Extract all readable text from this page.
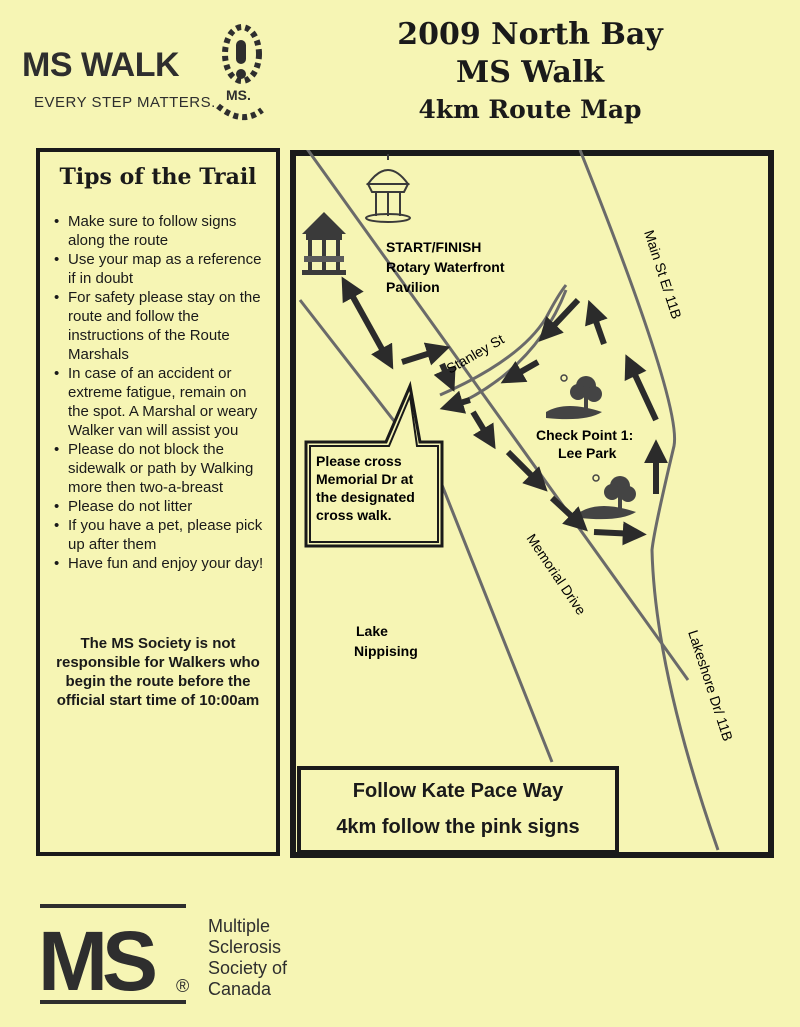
MS WALK
EVERY STEP MATTERS. MS.
2009 North Bay
MS Walk
4km Route Map
Tips of the Trail
• Make sure to follow signs along the route
• Use your map as a reference if in doubt
• For safety please stay on the route and follow the instructions of the Route Marshals
• In case of an accident or extreme fatigue, remain on the spot. A Marshal or weary Walker van will assist you
• Please do not block the sidewalk or path by Walking more then two-a-breast
• Please do not litter
• If you have a pet, please pick up after them
• Have fun and enjoy your day!
The MS Society is not responsible for Walkers who begin the route before the official start time of 10:00am
Please cross
Memorial Dr at
the designated
cross walk.
START/FINISH
Rotary Waterfront
Pavilion
Check Point 1:
Lee Park
Lake
Nippising
Stanley St
Main St E/ 11B
Memorial Drive
Lakeshore Dr/ 11B
Follow Kate Pace Way
4km follow the pink signs
MS ®
Multiple
Sclerosis
Society of
Canada
